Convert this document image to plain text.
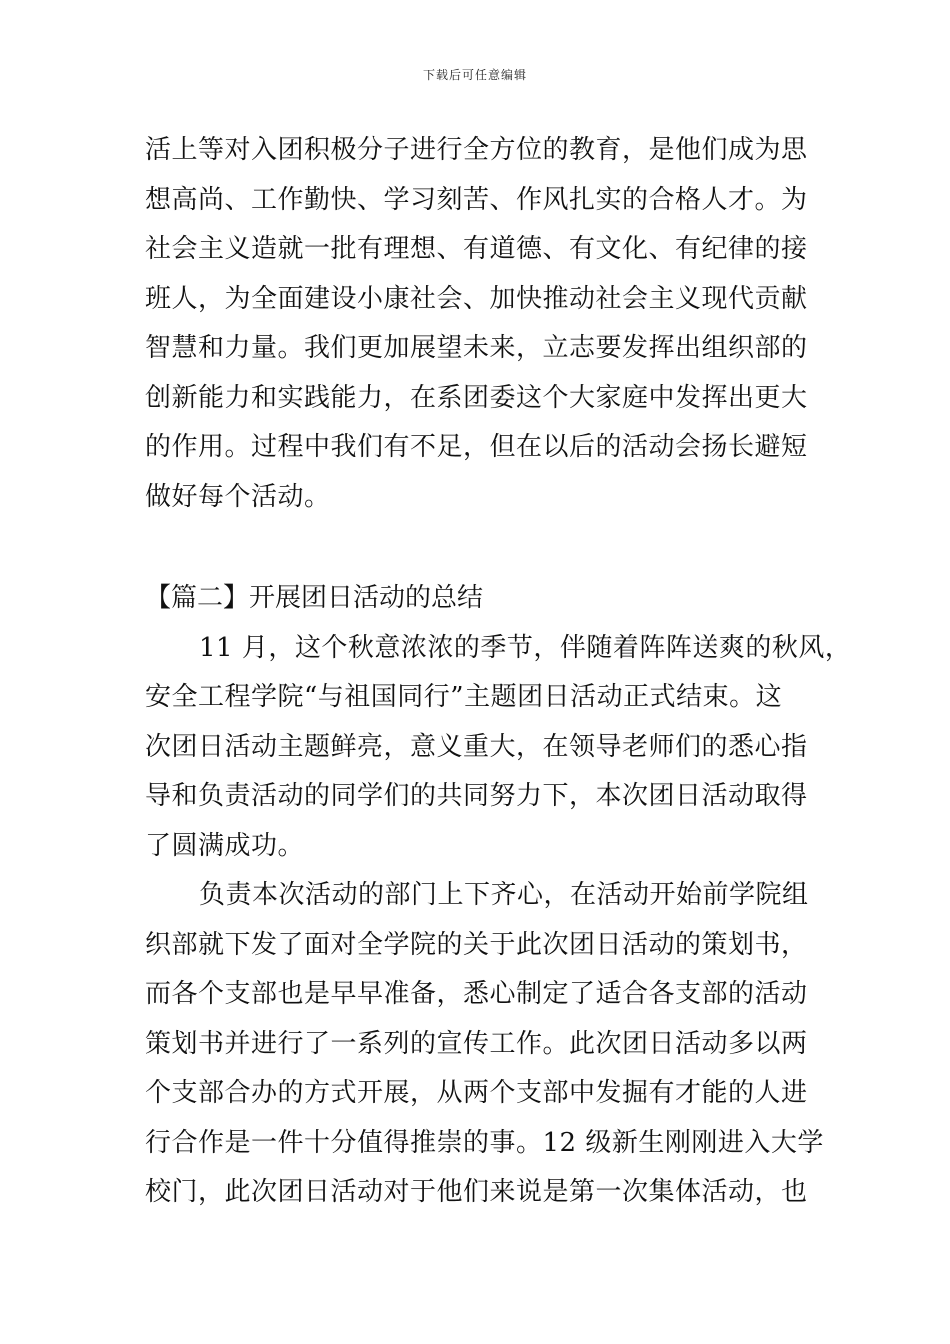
下载后可任意编辑
活上等对入团积极分子进行全方位的教育，是他们成为思
想高尚、工作勤快、学习刻苦、作风扎实的合格人才。为
社会主义造就一批有理想、有道德、有文化、有纪律的接
班人，为全面建设小康社会、加快推动社会主义现代贡献
智慧和力量。我们更加展望未来，立志要发挥出组织部的
创新能力和实践能力，在系团委这个大家庭中发挥出更大
的作用。过程中我们有不足，但在以后的活动会扬长避短
做好每个活动。
【篇二】开展团日活动的总结
11 月，这个秋意浓浓的季节，伴随着阵阵送爽的秋风，
安全工程学院“与祖国同行”主题团日活动正式结束。这
次团日活动主题鲜亮，意义重大，在领导老师们的悉心指
导和负责活动的同学们的共同努力下，本次团日活动取得
了圆满成功。
负责本次活动的部门上下齐心，在活动开始前学院组
织部就下发了面对全学院的关于此次团日活动的策划书，
而各个支部也是早早准备，悉心制定了适合各支部的活动
策划书并进行了一系列的宣传工作。此次团日活动多以两
个支部合办的方式开展，从两个支部中发掘有才能的人进
行合作是一件十分值得推崇的事。12 级新生刚刚进入大学
校门，此次团日活动对于他们来说是第一次集体活动，也
